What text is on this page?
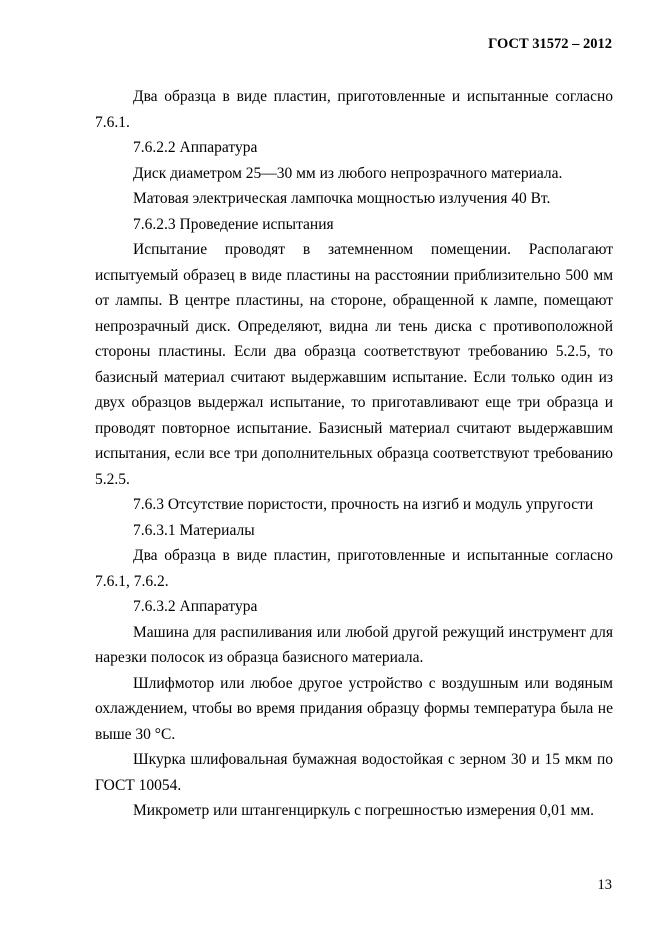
ГОСТ 31572 – 2012

Два образца в виде пластин, приготовленные и испытанные согласно 7.6.1.

7.6.2.2 Аппаратура

Диск диаметром 25—30 мм из любого непрозрачного материала.

Матовая электрическая лампочка мощностью излучения 40 Вт.

7.6.2.3 Проведение испытания

Испытание проводят в затемненном помещении. Располагают испытуемый образец в виде пластины на расстоянии приблизительно 500 мм от лампы. В центре пластины, на стороне, обращенной к лампе, помещают непрозрачный диск. Определяют, видна ли тень диска с противоположной стороны пластины. Если два образца соответствуют требованию 5.2.5, то базисный материал считают выдержавшим испытание. Если только один из двух образцов выдержал испытание, то приготавливают еще три образца и проводят повторное испытание. Базисный материал считают выдержавшим испытания, если все три дополнительных образца соответствуют требованию 5.2.5.

7.6.3 Отсутствие пористости, прочность на изгиб и модуль упругости

7.6.3.1 Материалы

Два образца в виде пластин, приготовленные и испытанные согласно 7.6.1, 7.6.2.

7.6.3.2 Аппаратура

Машина для распиливания или любой другой режущий инструмент для нарезки полосок из образца базисного материала.

Шлифмотор или любое другое устройство с воздушным или водяным охлаждением, чтобы во время придания образцу формы температура была не выше 30 °С.

Шкурка шлифовальная бумажная водостойкая с зерном 30 и 15 мкм по ГОСТ 10054.

Микрометр или штангенциркуль с погрешностью измерения 0,01 мм.

13
